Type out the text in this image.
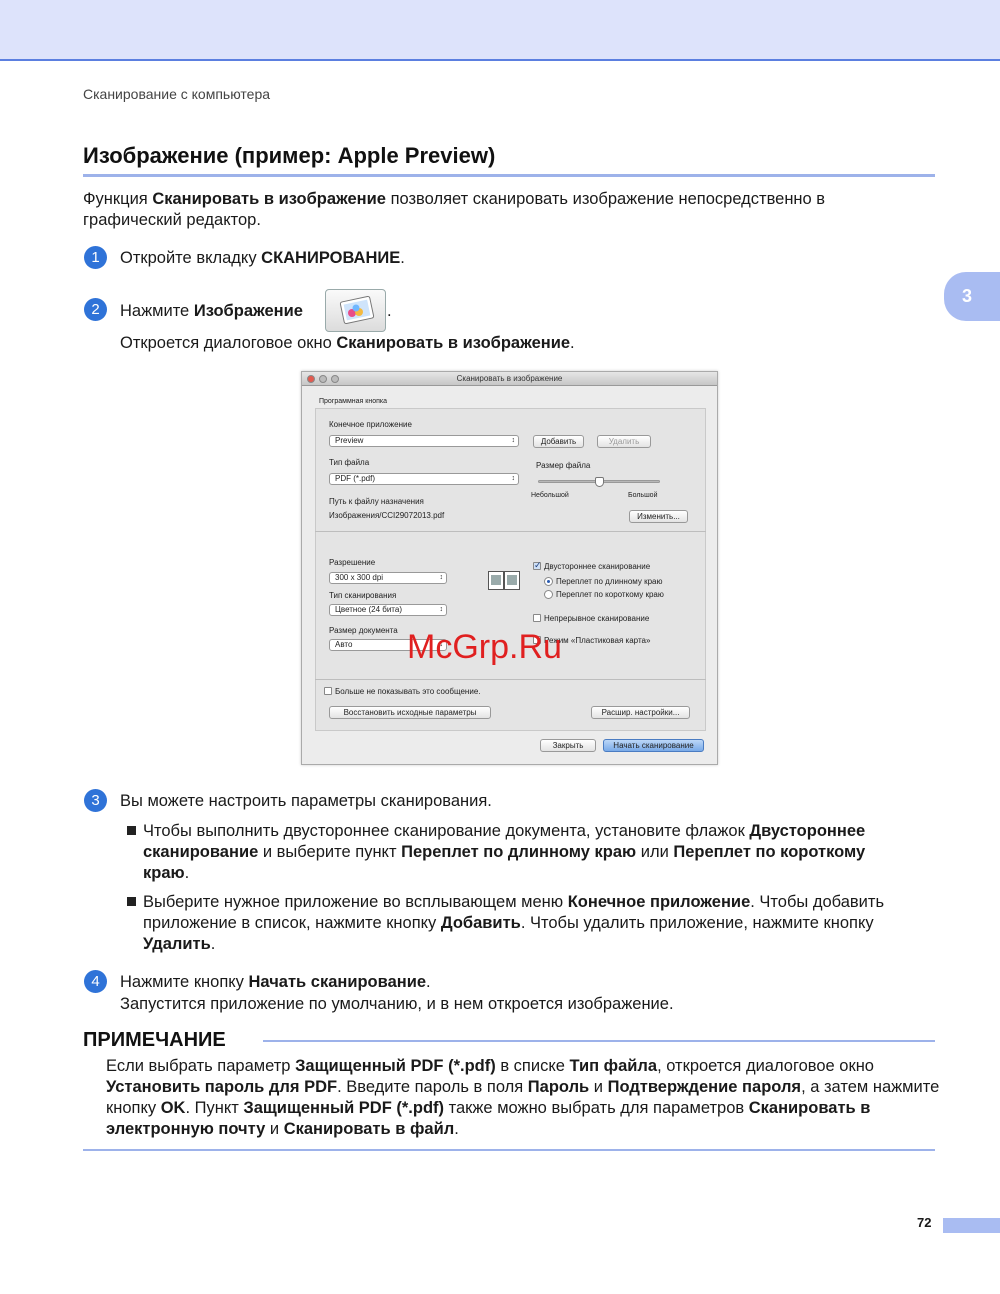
Сканирование с компьютера
3
Изображение (пример: Apple Preview)
Функция Сканировать в изображение позволяет сканировать изображение непосредственно в графический редактор.
1	Откройте вкладку СКАНИРОВАНИЕ.
2	Нажмите Изображение	.
Откроется диалоговое окно Сканировать в изображение.
Сканировать в изображение
Программная кнопка
Конечное приложение
Preview ↕	Добавить	Удалить
Тип файла
PDF (*.pdf) ↕
Размер файла
Небольшой	Большой
Путь к файлу назначения
Изображения/CCI29072013.pdf	Изменить...
Разрешение
300 x 300 dpi ↕
Тип сканирования
Цветное (24 бита) ↕
Размер документа
Авто ↕
✓ Двустороннее сканирование
Переплет по длинному краю
Переплет по короткому краю
Непрерывное сканирование
Режим «Пластиковая карта»
Больше не показывать это сообщение.
Восстановить исходные параметры	Расшир. настройки...
Закрыть	Начать сканирование
McGrp.Ru
3	Вы можете настроить параметры сканирования.
Чтобы выполнить двустороннее сканирование документа, установите флажок Двустороннее сканирование и выберите пункт Переплет по длинному краю или Переплет по короткому краю.
Выберите нужное приложение во всплывающем меню Конечное приложение. Чтобы добавить приложение в список, нажмите кнопку Добавить. Чтобы удалить приложение, нажмите кнопку Удалить.
4	Нажмите кнопку Начать сканирование.
Запустится приложение по умолчанию, и в нем откроется изображение.
ПРИМЕЧАНИЕ
Если выбрать параметр Защищенный PDF (*.pdf) в списке Тип файла, откроется диалоговое окно Установить пароль для PDF. Введите пароль в поля Пароль и Подтверждение пароля, а затем нажмите кнопку OK. Пункт Защищенный PDF (*.pdf) также можно выбрать для параметров Сканировать в электронную почту и Сканировать в файл.
72
